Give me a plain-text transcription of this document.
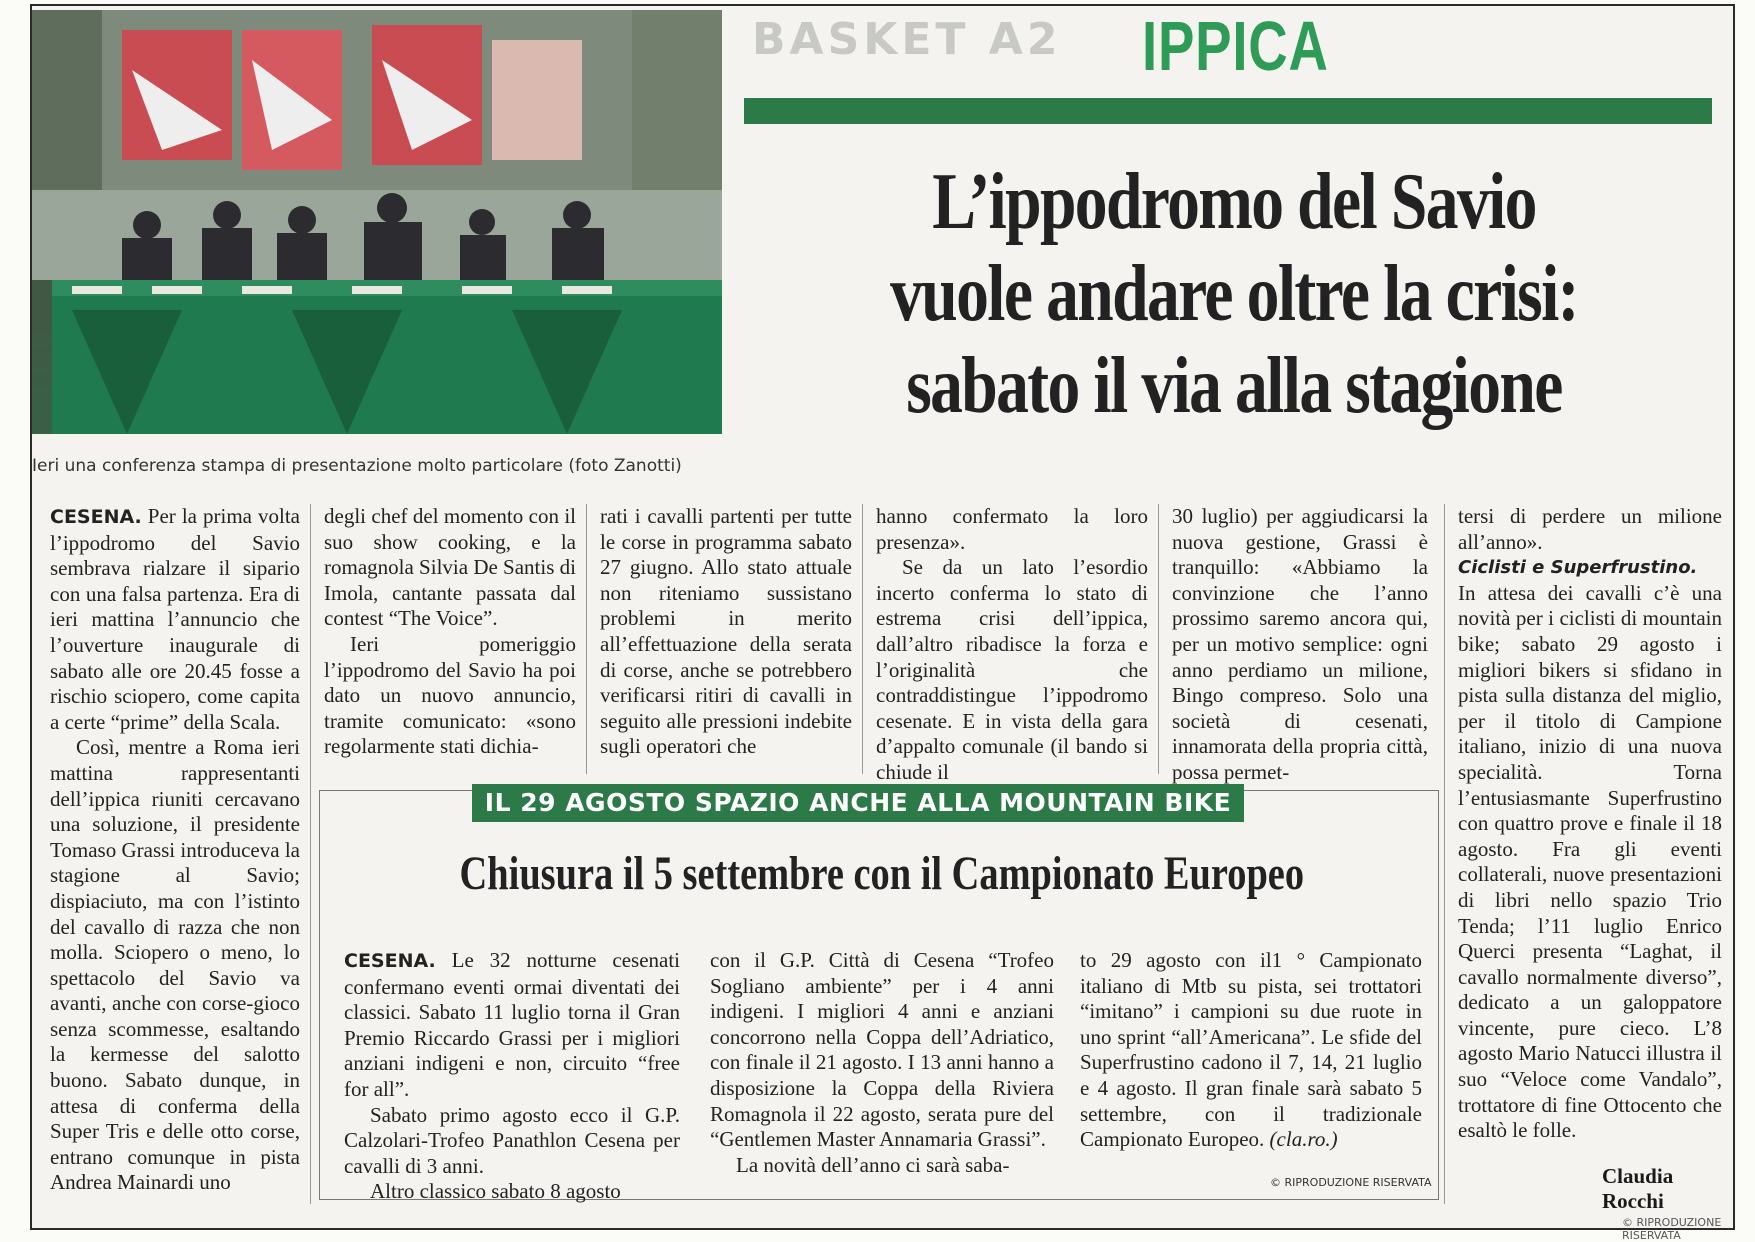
Ieri una conferenza stampa di presentazione molto particolare (foto Zanotti)
BASKET A2 IPPICA
L’ippodromo del Savio
vuole andare oltre la crisi:
sabato il via alla stagione

CESENA. Per la prima volta l’ippodromo del Savio sembrava rialzare il sipario con una falsa partenza. Era di ieri mattina l’annuncio che l’ouverture inaugurale di sabato alle ore 20.45 fosse a rischio sciopero, come capita a certe “prime” della Scala.

Così, mentre a Roma ieri mattina rappresentanti dell’ippica riuniti cercavano una soluzione, il presidente Tomaso Grassi introduceva la stagione al Savio; dispiaciuto, ma con l’istinto del cavallo di razza che non molla. Sciopero o meno, lo spettacolo del Savio va avanti, anche con corse-gioco senza scommesse, esaltando la kermesse del salotto buono. Sabato dunque, in attesa di conferma della Super Tris e delle otto corse, entrano comunque in pista Andrea Mainardi uno

degli chef del momento con il suo show cooking, e la romagnola Silvia De Santis di Imola, cantante passata dal contest “The Voice”.

Ieri pomeriggio l’ippodromo del Savio ha poi dato un nuovo annuncio, tramite comunicato: «sono regolarmente stati dichia-

rati i cavalli partenti per tutte le corse in programma sabato 27 giugno. Allo stato attuale non riteniamo sussistano problemi in merito all’effettuazione della serata di corse, anche se potrebbero verificarsi ritiri di cavalli in seguito alle pressioni indebite sugli operatori che

hanno confermato la loro presenza».

Se da un lato l’esordio incerto conferma lo stato di estrema crisi dell’ippica, dall’altro ribadisce la forza e l’originalità che contraddistingue l’ippodromo cesenate. E in vista della gara d’appalto comunale (il bando si chiude il

30 luglio) per aggiudicarsi la nuova gestione, Grassi è tranquillo: «Abbiamo la convinzione che l’anno prossimo saremo ancora qui, per un motivo semplice: ogni anno perdiamo un milione, Bingo compreso. Solo una società di cesenati, innamorata della propria città, possa permet-

tersi di perdere un milione all’anno».

Ciclisti e Superfrustino.

In attesa dei cavalli c’è una novità per i ciclisti di mountain bike; sabato 29 agosto i migliori bikers si sfidano in pista sulla distanza del miglio, per il titolo di Campione italiano, inizio di una nuova specialità. Torna l’entusiasmante Superfrustino con quattro prove e finale il 18 agosto. Fra gli eventi collaterali, nuove presentazioni di libri nello spazio Trio Tenda; l’11 luglio Enrico Querci presenta “Laghat, il cavallo normalmente diverso”, dedicato a un galoppatore vincente, pure cieco. L’8 agosto Mario Natucci illustra il suo “Veloce come Vandalo”, trottatore di fine Ottocento che esaltò le folle.

Claudia Rocchi
© RIPRODUZIONE RISERVATA
IL 29 AGOSTO SPAZIO ANCHE ALLA MOUNTAIN BIKE
Chiusura il 5 settembre con il Campionato Europeo

CESENA. Le 32 notturne cesenati confermano eventi ormai diventati dei classici. Sabato 11 luglio torna il Gran Premio Riccardo Grassi per i migliori anziani indigeni e non, circuito “free for all”.

Sabato primo agosto ecco il G.P. Calzolari-Trofeo Panathlon Cesena per cavalli di 3 anni.

Altro classico sabato 8 agosto

con il G.P. Città di Cesena “Trofeo Sogliano ambiente” per i 4 anni indigeni. I migliori 4 anni e anziani concorrono nella Coppa dell’Adriatico, con finale il 21 agosto. I 13 anni hanno a disposizione la Coppa della Riviera Romagnola il 22 agosto, serata pure del “Gentlemen Master Annamaria Grassi”.

La novità dell’anno ci sarà saba-

to 29 agosto con il1 ° Campionato italiano di Mtb su pista, sei trottatori “imitano” i campioni su due ruote in uno sprint “all’Americana”. Le sfide del Superfrustino cadono il 7, 14, 21 luglio e 4 agosto. Il gran finale sarà sabato 5 settembre, con il tradizionale Campionato Europeo. (cla.ro.)

© RIPRODUZIONE RISERVATA
